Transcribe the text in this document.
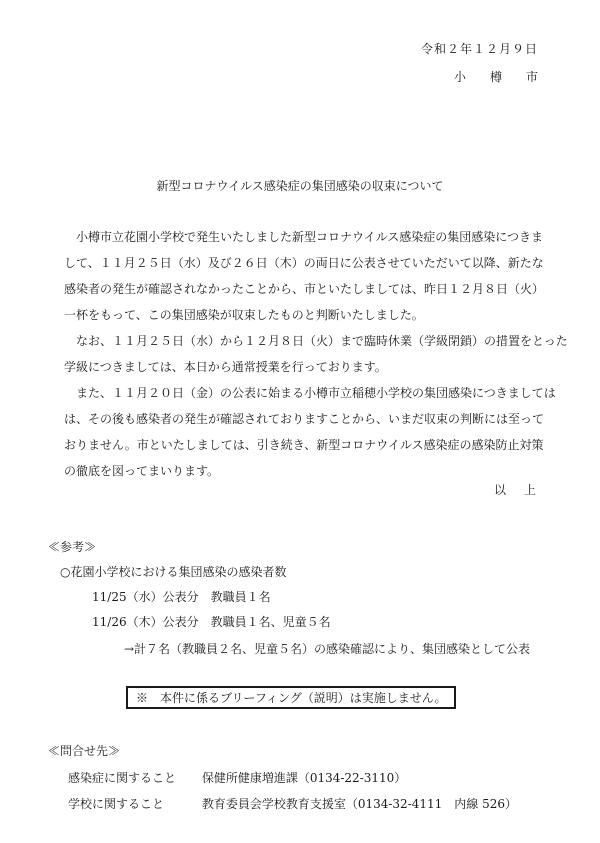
令和２年１２月９日
小樽市
新型コロナウイルス感染症の集団感染の収束について

　小樽市立花園小学校で発生いたしました新型コロナウイルス感染症の集団感染につきま

して、１１月２５日（水）及び２６日（木）の両日に公表させていただいて以降、新たな

感染者の発生が確認されなかったことから、市といたしましては、昨日１２月８日（火）

一杯をもって、この集団感染が収束したものと判断いたしました。

　なお、１１月２５日（水）から１２月８日（火）まで臨時休業（学級閉鎖）の措置をとった

学級につきましては、本日から通常授業を行っております。

　また、１１月２０日（金）の公表に始まる小樽市立稲穂小学校の集団感染につきましては

は、その後も感染者の発生が確認されておりますことから、いまだ収束の判断には至って

おりません。市といたしましては、引き続き、新型コロナウイルス感染症の感染防止対策

の徹底を図ってまいります。

以上
≪参考≫
○花園小学校における集団感染の感染者数
11/25（水）公表分　教職員１名
11/26（木）公表分　教職員１名、児童５名
→計７名（教職員２名、児童５名）の感染確認により、集団感染として公表
※　本件に係るブリーフィング（説明）は実施しません。
≪問合せ先≫
感染症に関すること 保健所健康増進課（0134-22-3110）
学校に関すること	教育委員会学校教育支援室（0134-32-4111　内線 526）
